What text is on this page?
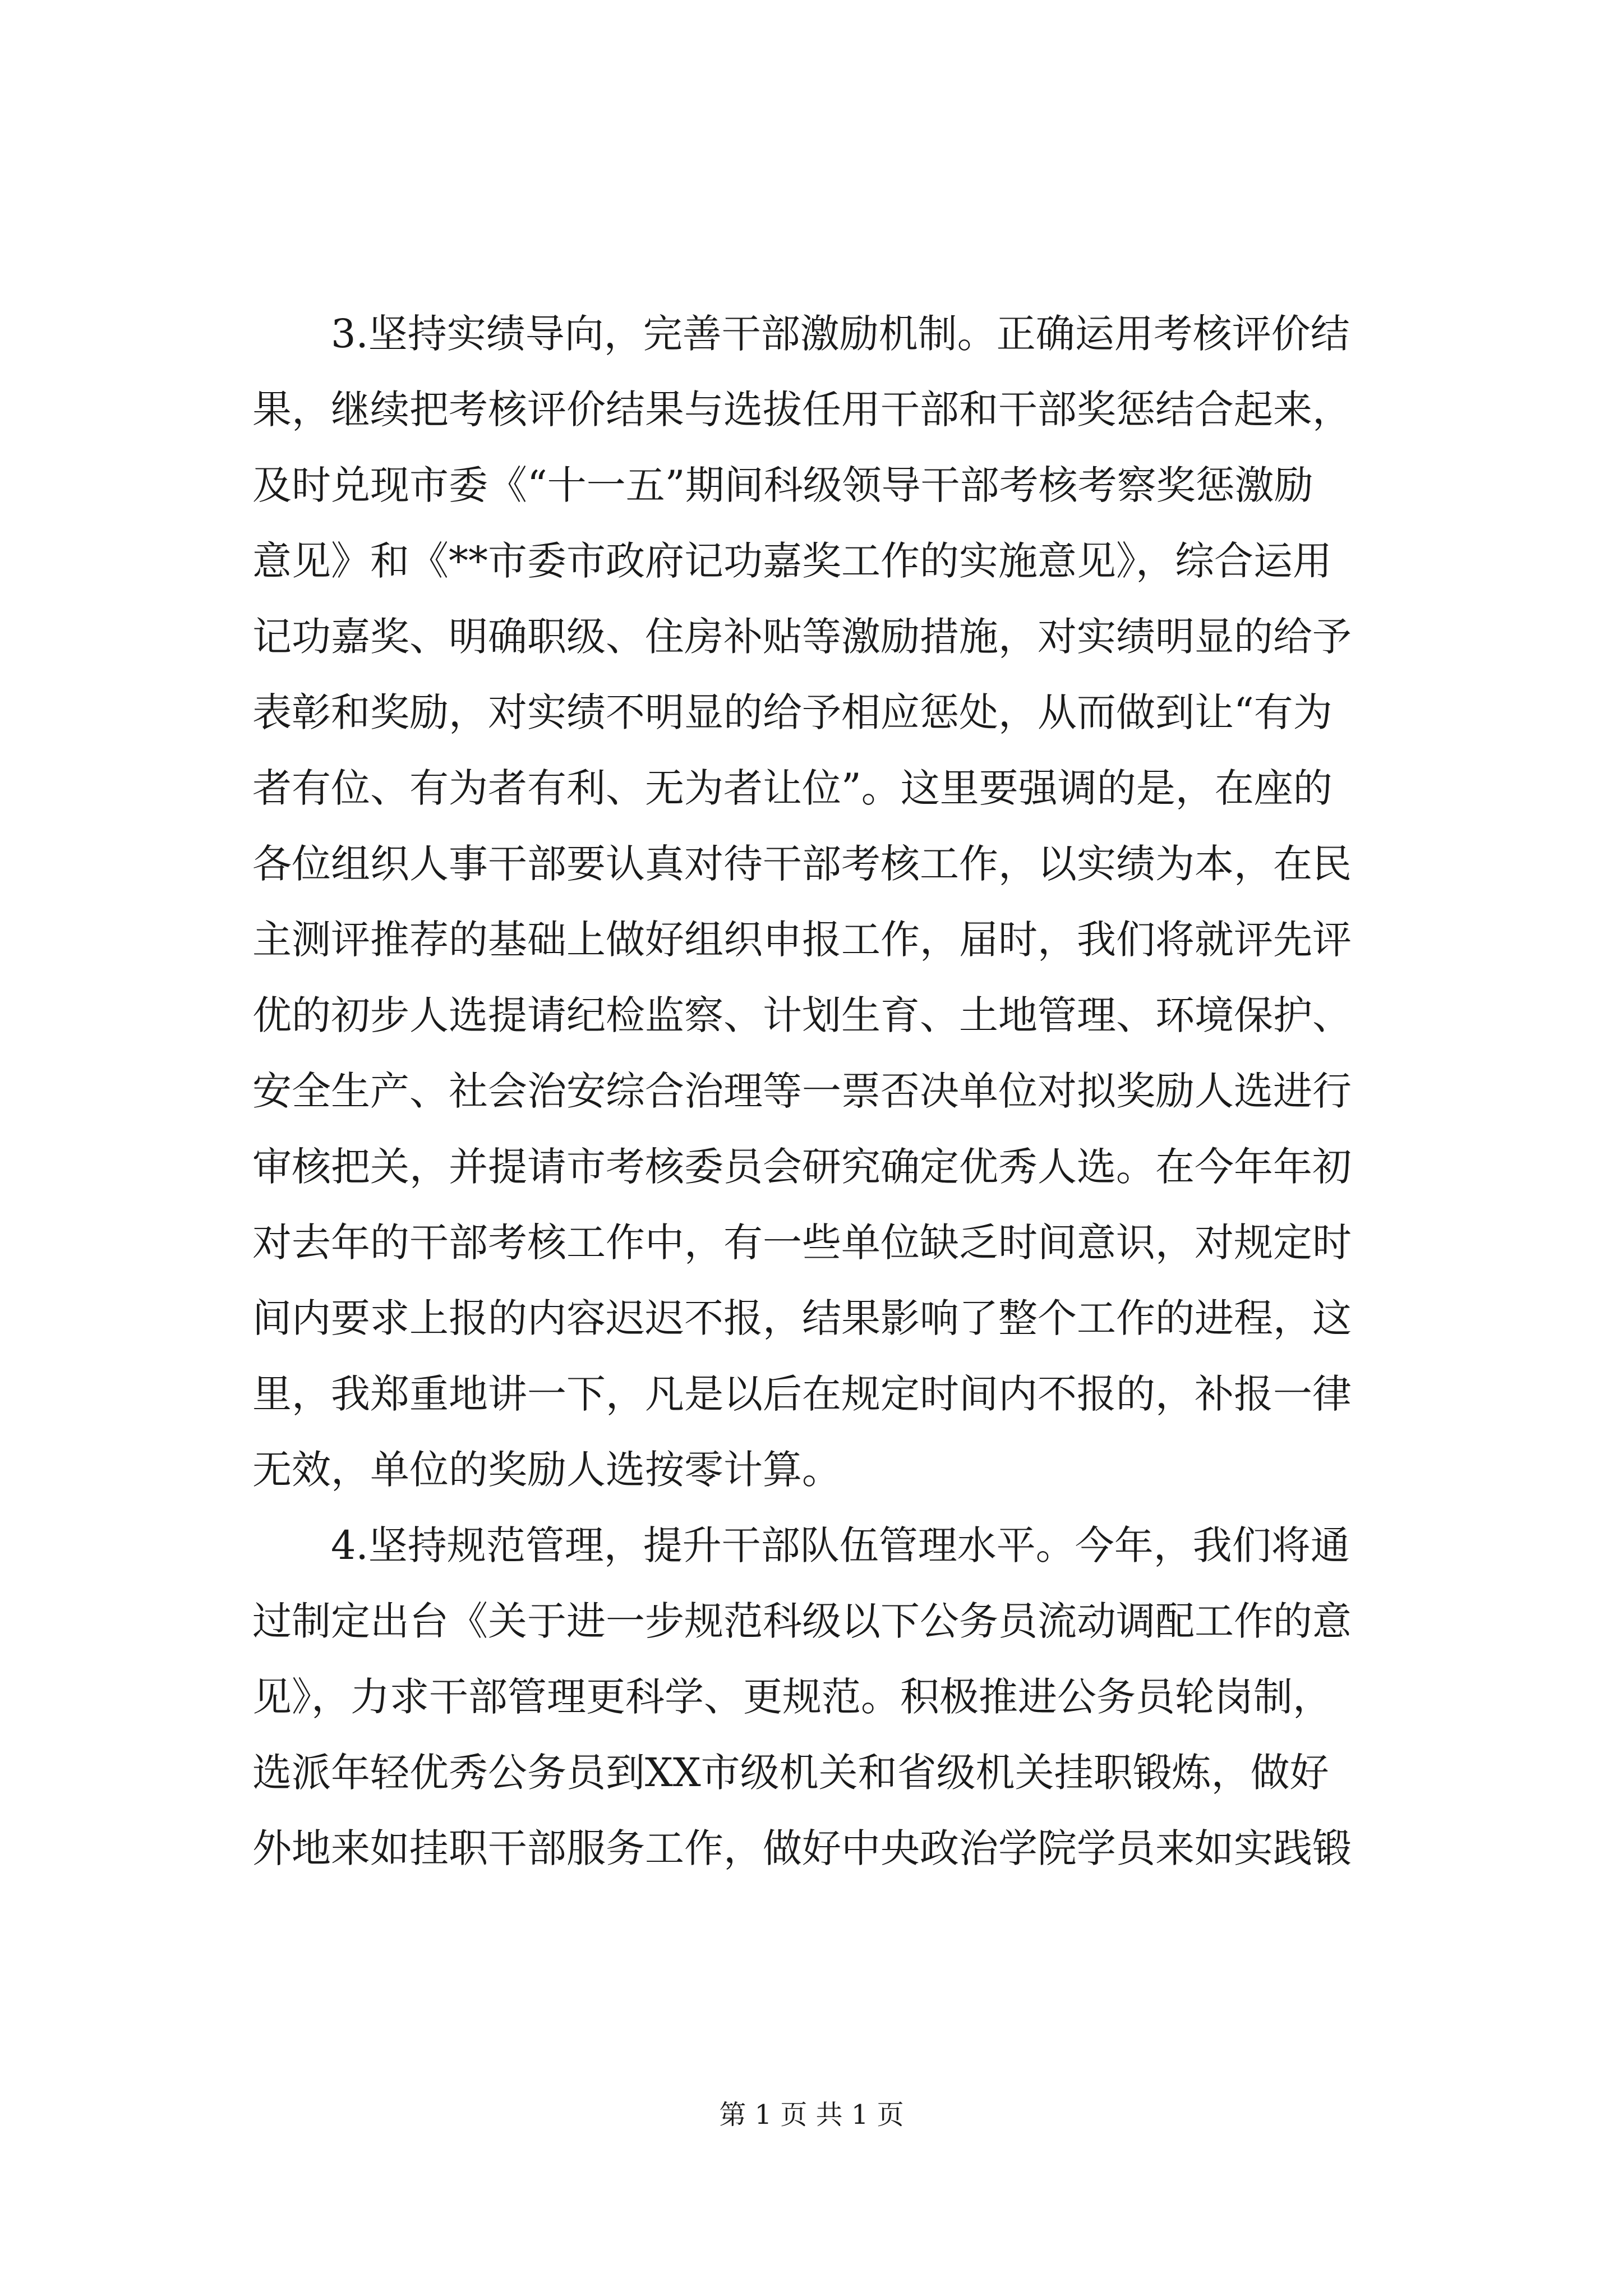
　　3.坚持实绩导向，完善干部激励机制。正确运用考核评价结
果，继续把考核评价结果与选拔任用干部和干部奖惩结合起来，
及时兑现市委《“十一五”期间科级领导干部考核考察奖惩激励
意见》和《**市委市政府记功嘉奖工作的实施意见》，综合运用
记功嘉奖、明确职级、住房补贴等激励措施，对实绩明显的给予
表彰和奖励，对实绩不明显的给予相应惩处，从而做到让“有为
者有位、有为者有利、无为者让位”。这里要强调的是，在座的
各位组织人事干部要认真对待干部考核工作，以实绩为本，在民
主测评推荐的基础上做好组织申报工作，届时，我们将就评先评
优的初步人选提请纪检监察、计划生育、土地管理、环境保护、
安全生产、社会治安综合治理等一票否决单位对拟奖励人选进行
审核把关，并提请市考核委员会研究确定优秀人选。在今年年初
对去年的干部考核工作中，有一些单位缺乏时间意识，对规定时
间内要求上报的内容迟迟不报，结果影响了整个工作的进程，这
里，我郑重地讲一下，凡是以后在规定时间内不报的，补报一律
无效，单位的奖励人选按零计算。
　　4.坚持规范管理，提升干部队伍管理水平。今年，我们将通
过制定出台《关于进一步规范科级以下公务员流动调配工作的意
见》，力求干部管理更科学、更规范。积极推进公务员轮岗制，
选派年轻优秀公务员到XX市级机关和省级机关挂职锻炼，做好
外地来如挂职干部服务工作，做好中央政治学院学员来如实践锻
第 1 页 共 1 页
